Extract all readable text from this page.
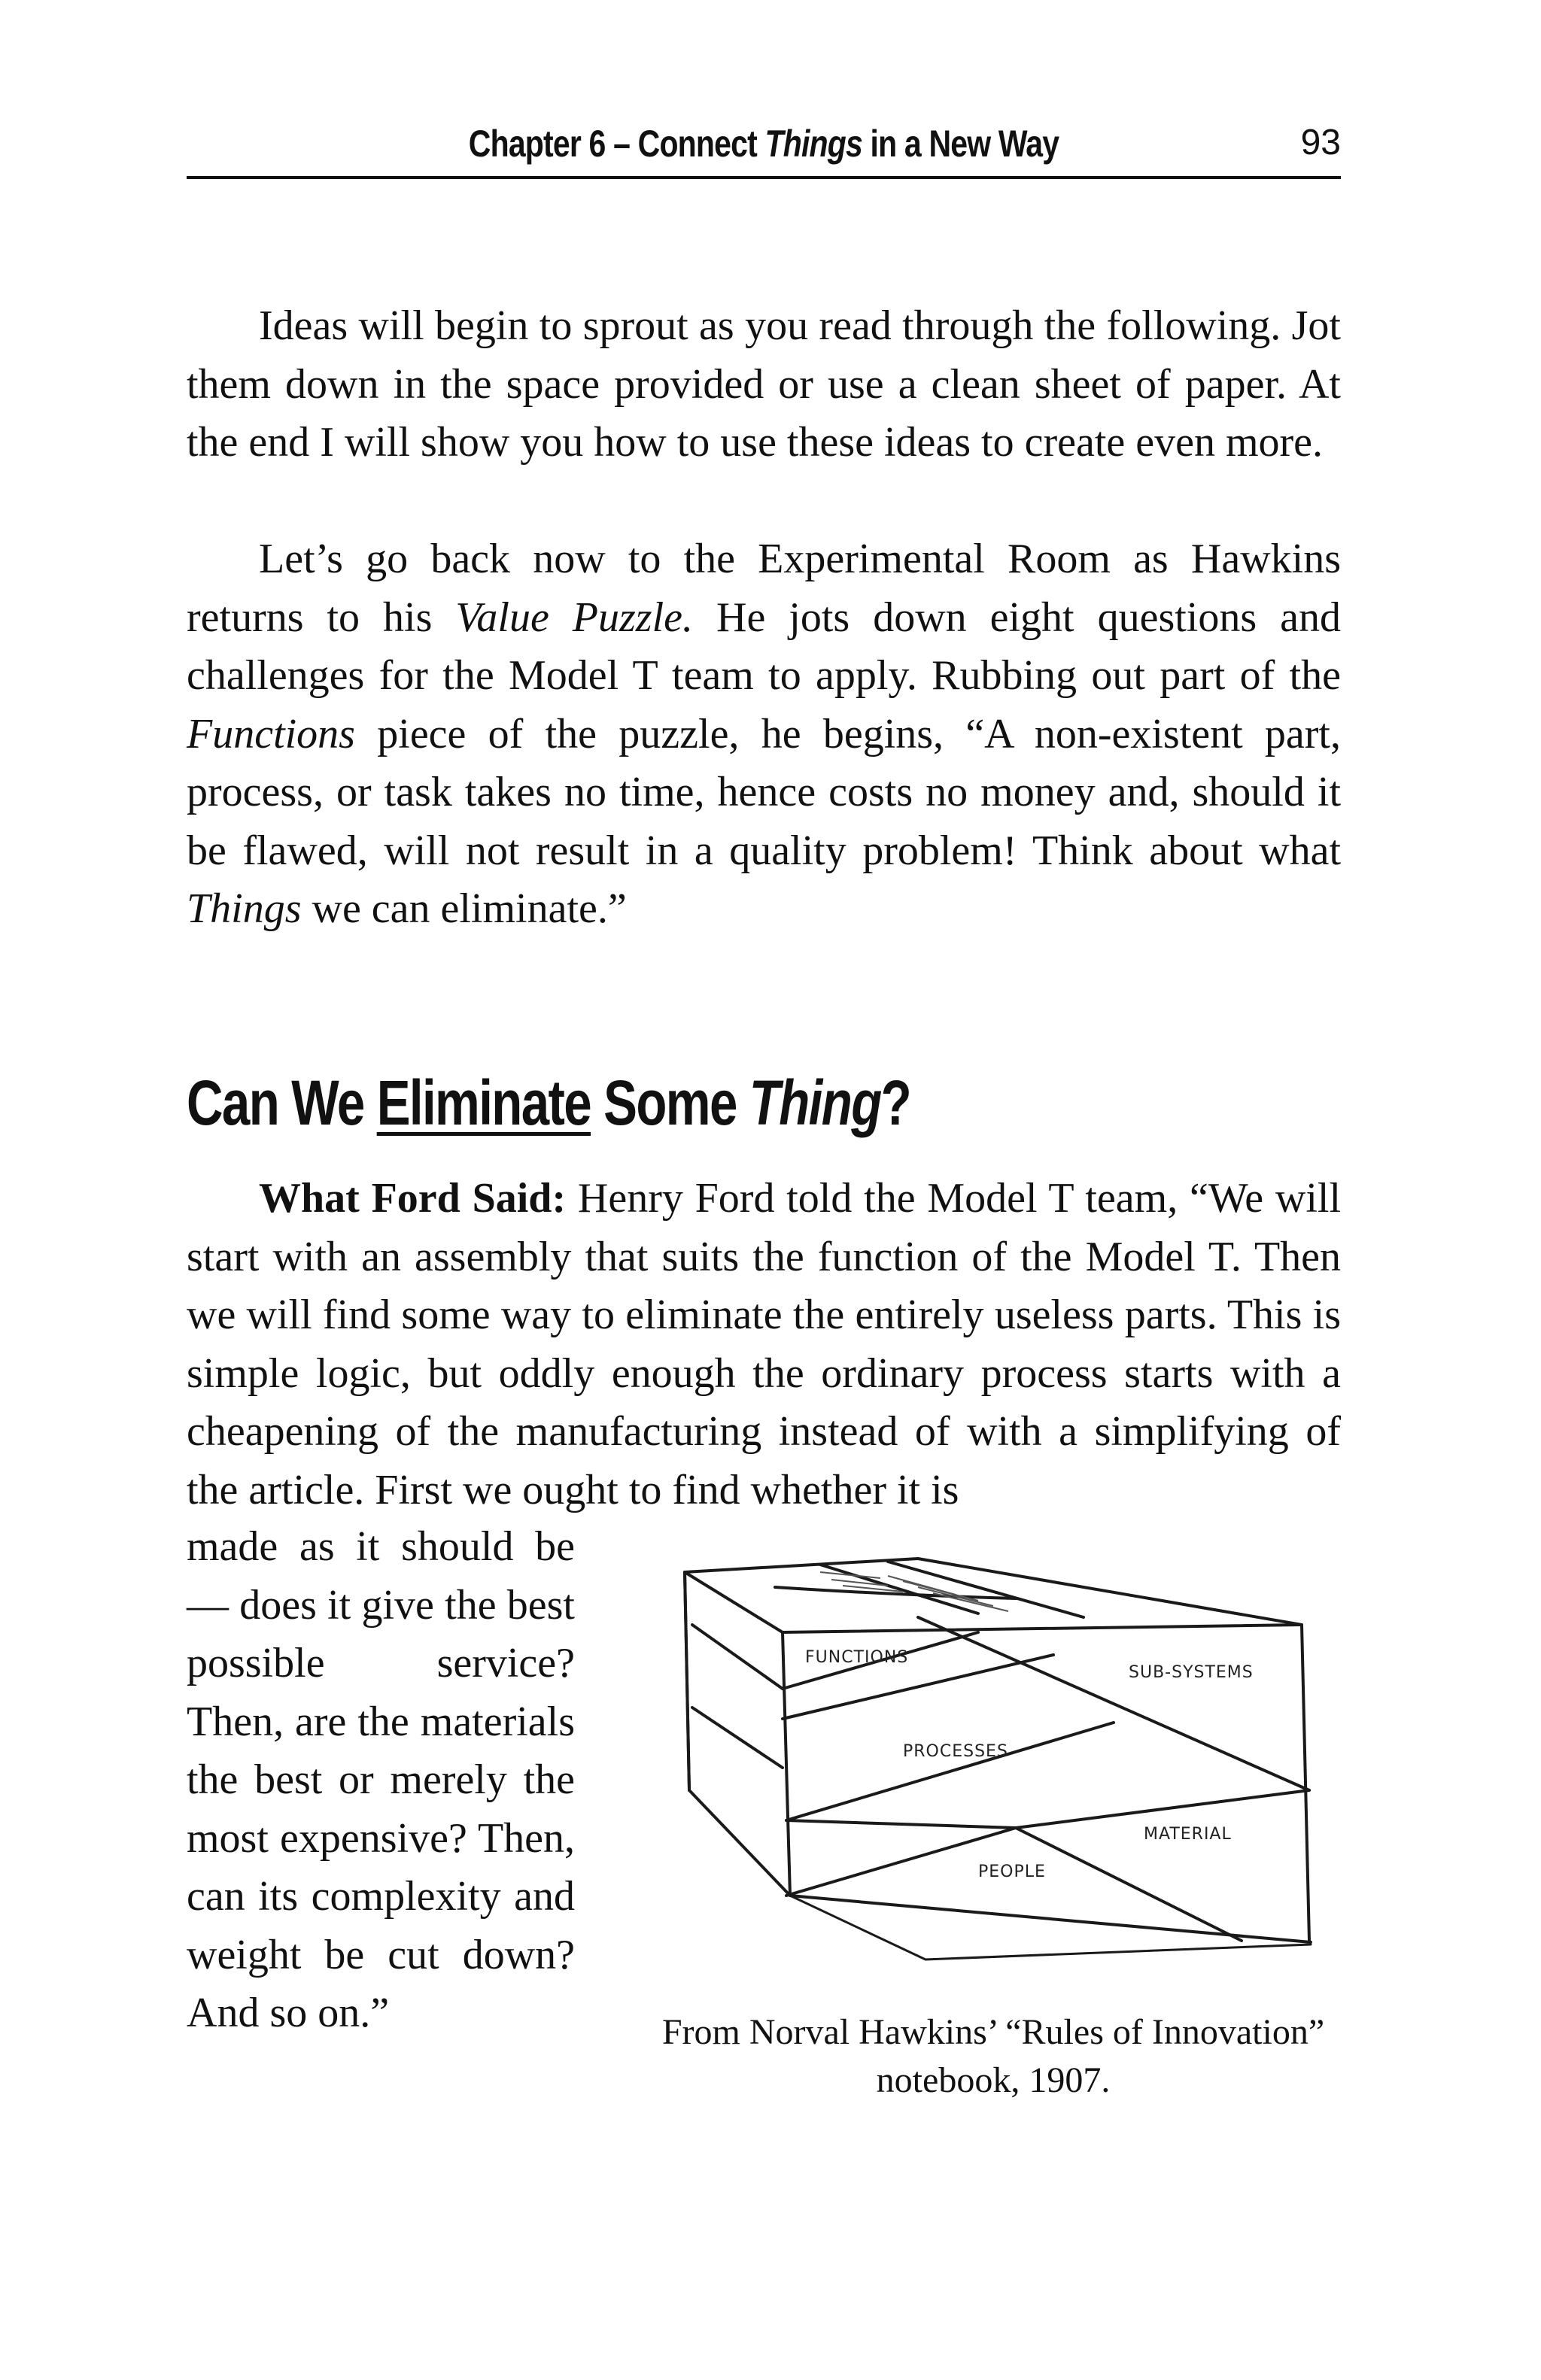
Chapter 6 – Connect Things in a New Way	93

Ideas will begin to sprout as you read through the following. Jot them down in the space provided or use a clean sheet of paper. At the end I will show you how to use these ideas to create even more.

Let’s go back now to the Experimental Room as Hawkins returns to his Value Puzzle. He jots down eight questions and challenges for the Model T team to apply. Rubbing out part of the Functions piece of the puzzle, he begins, “A non-existent part, process, or task takes no time, hence costs no money and, should it be flawed, will not result in a quality problem! Think about what Things we can eliminate.”

Can We Eliminate Some Thing?

What Ford Said: Henry Ford told the Model T team, “We will start with an assembly that suits the function of the Model T. Then we will find some way to eliminate the entirely useless parts. This is simple logic, but oddly enough the ordinary process starts with a cheapening of the manufacturing instead of with a simplifying of the article. First we ought to find whether it is

made as it should be — does it give the best possible service? Then, are the materials the best or merely the most expensive? Then, can its complexity and weight be cut down? And so on.”

FUNCTIONS
SUB-SYSTEMS
PROCESSES
MATERIAL
PEOPLE
From Norval Hawkins’ “Rules of Innovation” notebook, 1907.
